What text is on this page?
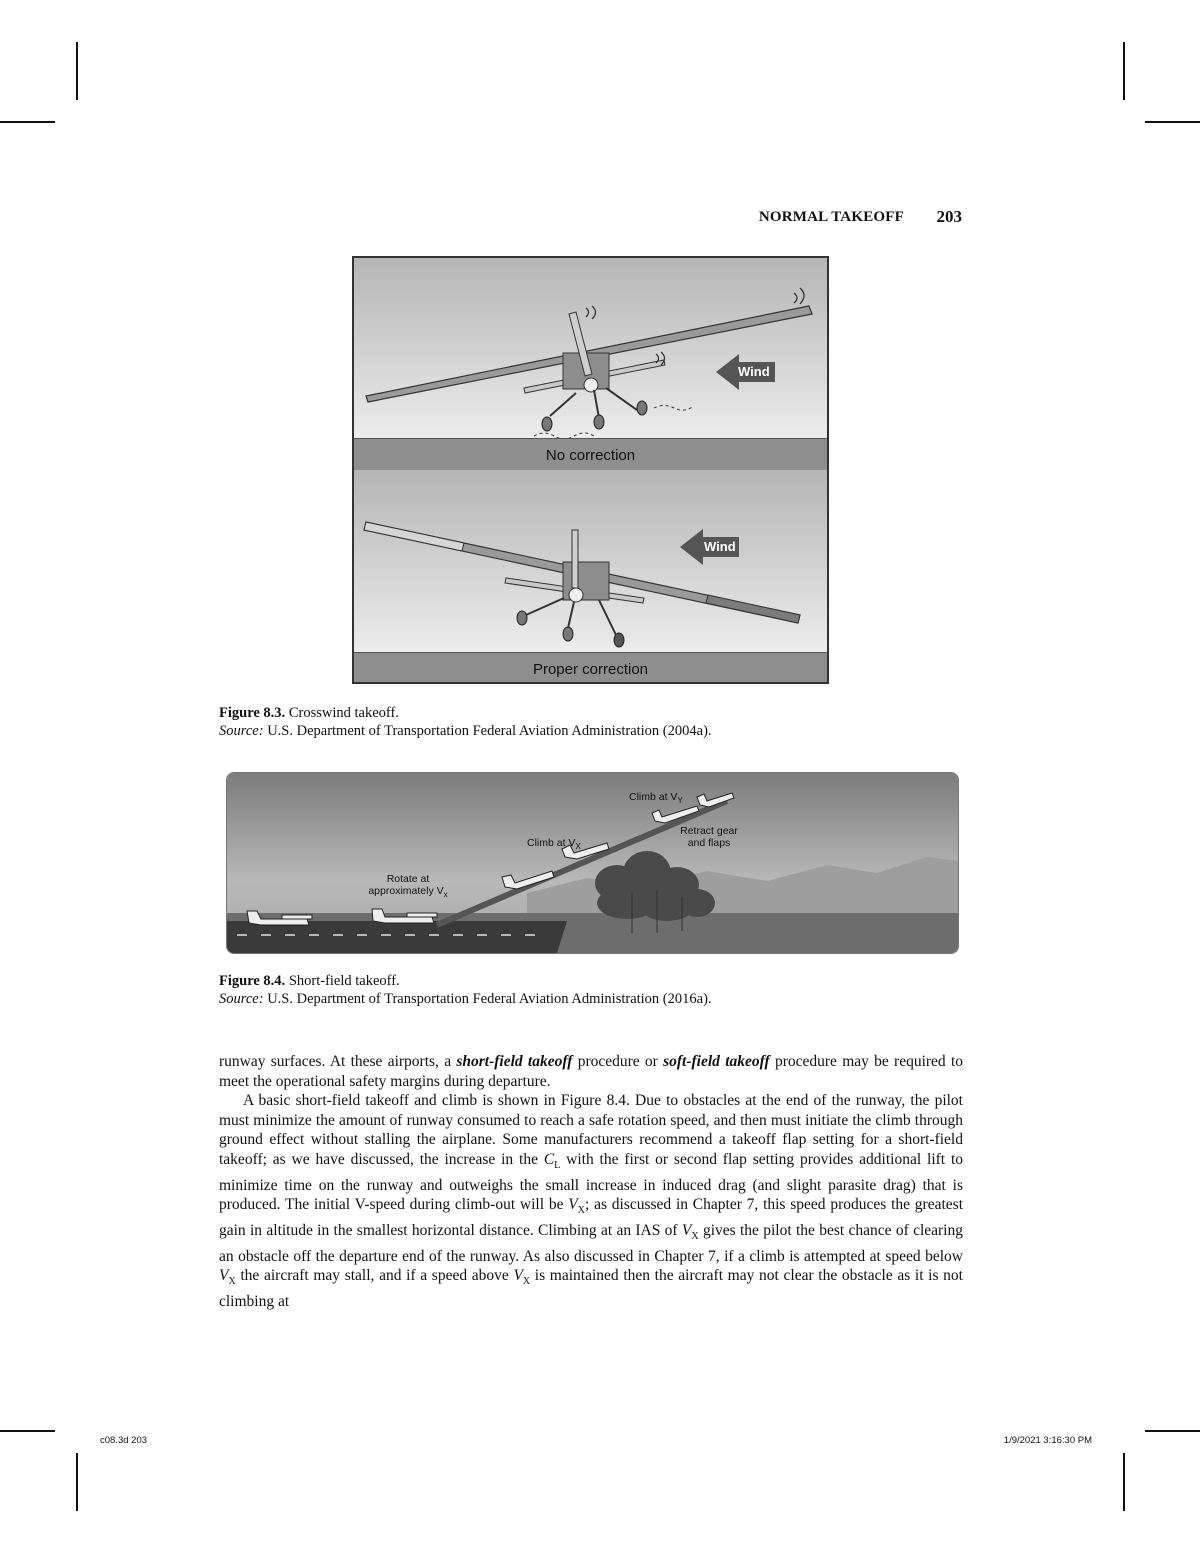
NORMAL TAKEOFF 203
Wind
No correction
Wind
Proper correction
Figure 8.3. Crosswind takeoff.
Source: U.S. Department of Transportation Federal Aviation Administration (2004a).
Rotate at
approximately $V_x$
Climb at $V_X$
Climb at $V_Y$
Retract gear
and flaps
Figure 8.4. Short-field takeoff.
Source: U.S. Department of Transportation Federal Aviation Administration (2016a).

runway surfaces. At these airports, a short-field takeoff procedure or soft-field takeoff procedure may be required to meet the operational safety margins during departure.

A basic short-field takeoff and climb is shown in Figure 8.4. Due to obstacles at the end of the runway, the pilot must minimize the amount of runway consumed to reach a safe rotation speed, and then must initiate the climb through ground effect without stalling the airplane. Some manufacturers recommend a takeoff flap setting for a short-field takeoff; as we have discussed, the increase in the $C_L$ with the first or second flap setting provides additional lift to minimize time on the runway and outweighs the small increase in induced drag (and slight parasite drag) that is produced. The initial V-speed during climb-out will be $V_X$; as discussed in Chapter 7, this speed produces the greatest gain in altitude in the smallest horizontal distance. Climbing at an IAS of $V_X$ gives the pilot the best chance of clearing an obstacle off the departure end of the runway. As also discussed in Chapter 7, if a climb is attempted at speed below $V_X$ the aircraft may stall, and if a speed above $V_X$ is maintained then the aircraft may not clear the obstacle as it is not climbing at

c08.3d 203	1/9/2021 3:16:30 PM
